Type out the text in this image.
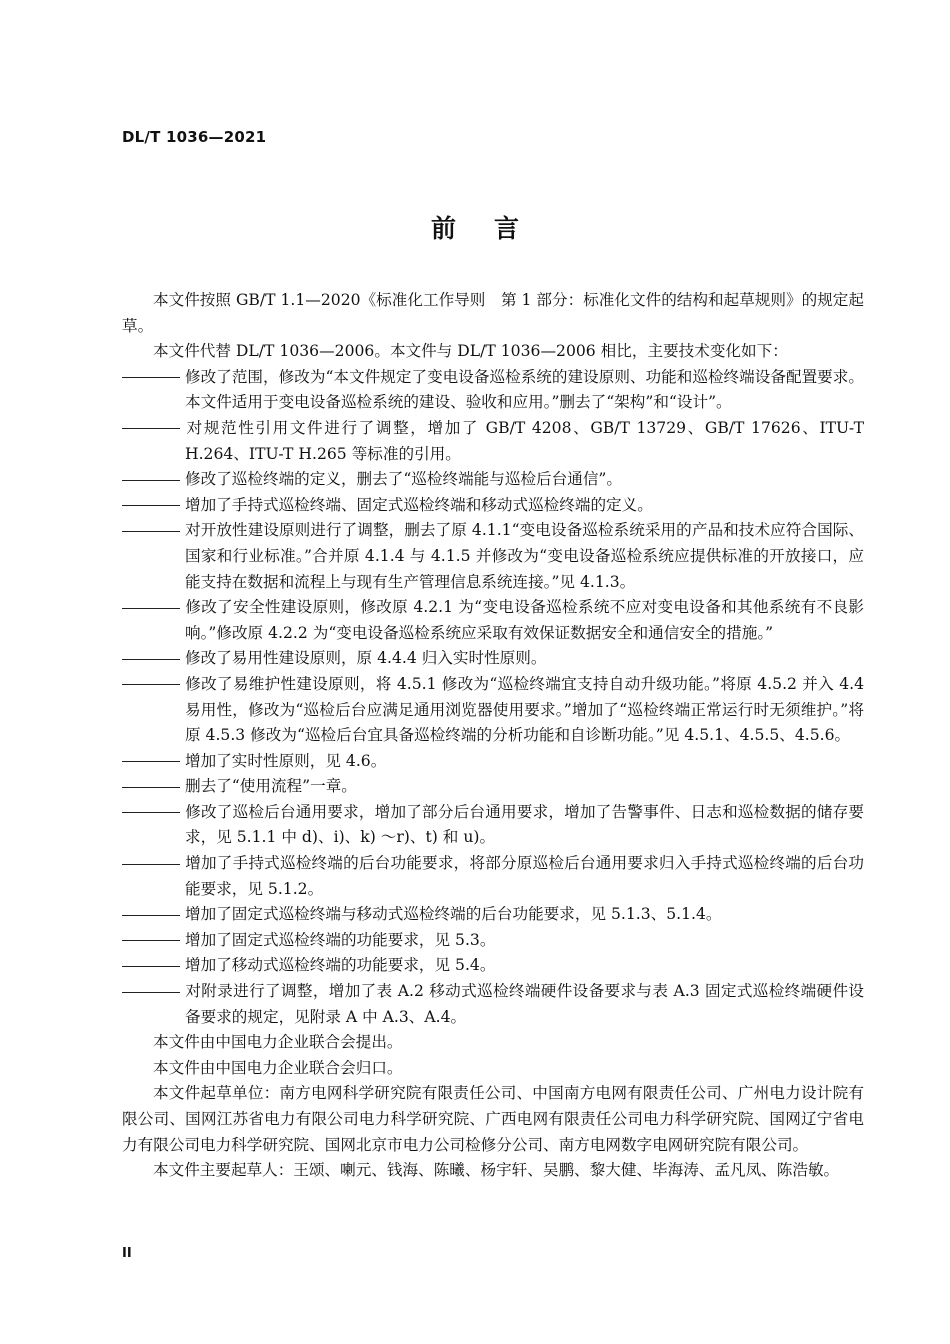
DL/T 1036—2021
前言

本文件按照 GB/T 1.1—2020《标准化工作导则　第 1 部分：标准化文件的结构和起草规则》的规定起草。

本文件代替 DL/T 1036—2006。本文件与 DL/T 1036—2006 相比，主要技术变化如下：

修改了范围，修改为“本文件规定了变电设备巡检系统的建设原则、功能和巡检终端设备配置要求。本文件适用于变电设备巡检系统的建设、验收和应用。”删去了“架构”和“设计”。

对规范性引用文件进行了调整，增加了 GB/T 4208、GB/T 13729、GB/T 17626、ITU-T H.264、ITU-T H.265 等标准的引用。

修改了巡检终端的定义，删去了“巡检终端能与巡检后台通信”。

增加了手持式巡检终端、固定式巡检终端和移动式巡检终端的定义。

对开放性建设原则进行了调整，删去了原 4.1.1“变电设备巡检系统采用的产品和技术应符合国际、国家和行业标准。”合并原 4.1.4 与 4.1.5 并修改为“变电设备巡检系统应提供标准的开放接口，应能支持在数据和流程上与现有生产管理信息系统连接。”见 4.1.3。

修改了安全性建设原则，修改原 4.2.1 为“变电设备巡检系统不应对变电设备和其他系统有不良影响。”修改原 4.2.2 为“变电设备巡检系统应采取有效保证数据安全和通信安全的措施。”

修改了易用性建设原则，原 4.4.4 归入实时性原则。

修改了易维护性建设原则，将 4.5.1 修改为“巡检终端宜支持自动升级功能。”将原 4.5.2 并入 4.4 易用性，修改为“巡检后台应满足通用浏览器使用要求。”增加了“巡检终端正常运行时无须维护。”将原 4.5.3 修改为“巡检后台宜具备巡检终端的分析功能和自诊断功能。”见 4.5.1、4.5.5、4.5.6。

增加了实时性原则，见 4.6。

删去了“使用流程”一章。

修改了巡检后台通用要求，增加了部分后台通用要求，增加了告警事件、日志和巡检数据的储存要求，见 5.1.1 中 d)、i)、k) ～r)、t) 和 u)。

增加了手持式巡检终端的后台功能要求，将部分原巡检后台通用要求归入手持式巡检终端的后台功能要求，见 5.1.2。

增加了固定式巡检终端与移动式巡检终端的后台功能要求，见 5.1.3、5.1.4。

增加了固定式巡检终端的功能要求，见 5.3。

增加了移动式巡检终端的功能要求，见 5.4。

对附录进行了调整，增加了表 A.2 移动式巡检终端硬件设备要求与表 A.3 固定式巡检终端硬件设备要求的规定，见附录 A 中 A.3、A.4。

本文件由中国电力企业联合会提出。

本文件由中国电力企业联合会归口。

本文件起草单位：南方电网科学研究院有限责任公司、中国南方电网有限责任公司、广州电力设计院有限公司、国网江苏省电力有限公司电力科学研究院、广西电网有限责任公司电力科学研究院、国网辽宁省电力有限公司电力科学研究院、国网北京市电力公司检修分公司、南方电网数字电网研究院有限公司。

本文件主要起草人：王颂、喇元、钱海、陈曦、杨宇轩、吴鹏、黎大健、毕海涛、孟凡凤、陈浩敏。

II
